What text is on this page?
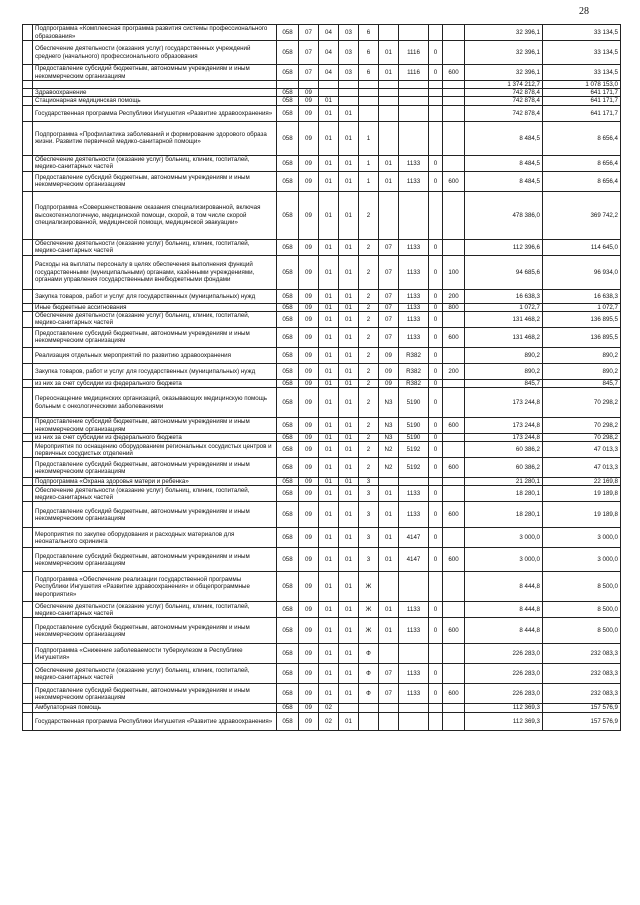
28

	Подпрограмма «Комплексная программа развития системы профессионального образования»	058	07	04	03	6					32 396,1	33 134,5

	Обеспечение деятельности (оказания услуг) государственных учреждений среднего (начального) профессионального образования	058	07	04	03	6	01	1116	0		32 396,1	33 134,5

	Предоставление субсидий бюджетным, автономным учреждениям и иным некоммерческим организациям	058	07	04	03	6	01	1116	0	600	32 396,1	33 134,5

										1 374 212,7	1 078 153,0

	Здравоохранение	058	09								742 878,4	641 171,7

	Стационарная медицинская помощь	058	09	01							742 878,4	641 171,7

	Государственная программа Республики Ингушетия «Развитие здравоохранения»	058	09	01	01						742 878,4	641 171,7

	Подпрограмма «Профилактика заболеваний и формирование здорового образа жизни. Развитие первичной медико-санитарной помощи»	058	09	01	01	1					8 484,5	8 656,4

	Обеспечение деятельности (оказание услуг) больниц, клиник, госпиталей, медико-санитарных частей	058	09	01	01	1	01	1133	0		8 484,5	8 656,4

	Предоставление субсидий бюджетным, автономным учреждениям и иным некоммерческим организациям	058	09	01	01	1	01	1133	0	600	8 484,5	8 656,4

	Подпрограмма «Совершенствование оказания специализированной, включая высокотехнологичную, медицинской помощи, скорой, в том числе скорой специализированной, медицинской помощи, медицинской эвакуации»	058	09	01	01	2					478 386,0	369 742,2

	Обеспечение деятельности (оказание услуг) больниц, клиник, госпиталей, медико-санитарных частей	058	09	01	01	2	07	1133	0		112 396,6	114 645,0

	Расходы на выплаты персоналу в целях обеспечения выполнения функций государственными (муниципальными) органами, казёнными учреждениями, органами управления государственными внебюджетными фондами	058	09	01	01	2	07	1133	0	100	94 685,6	96 934,0

	Закупка товаров, работ и услуг для государственных (муниципальных) нужд	058	09	01	01	2	07	1133	0	200	16 638,3	16 638,3

	Иные бюджетные ассигнования	058	09	01	01	2	07	1133	0	800	1 072,7	1 072,7

	Обеспечение деятельности (оказание услуг) больниц, клиник, госпиталей, медико-санитарных частей	058	09	01	01	2	07	1133	0		131 468,2	136 895,5

	Предоставление субсидий бюджетным, автономным учреждениям и иным некоммерческим организациям	058	09	01	01	2	07	1133	0	600	131 468,2	136 895,5

	Реализация отдельных мероприятий по развитию здравоохранения	058	09	01	01	2	09	R382	0		890,2	890,2

	Закупка товаров, работ и услуг для государственных (муниципальных) нужд	058	09	01	01	2	09	R382	0	200	890,2	890,2

	из них за счет субсидии из федерального бюджета	058	09	01	01	2	09	R382	0		845,7	845,7

	Переоснащение медицинских организаций, оказывающих медицинскую помощь больным с онкологическими заболеваниями	058	09	01	01	2	N3	5190	0		173 244,8	70 298,2

	Предоставление субсидий бюджетным, автономным учреждениям и иным некоммерческим организациям	058	09	01	01	2	N3	5190	0	600	173 244,8	70 298,2

	из них за счет субсидии из федерального бюджета	058	09	01	01	2	N3	5190	0		173 244,8	70 298,2

	Мероприятия по оснащению оборудованием региональных сосудистых центров и первичных сосудистых отделений	058	09	01	01	2	N2	5192	0		60 386,2	47 013,3

	Предоставление субсидий бюджетным, автономным учреждениям и иным некоммерческим организациям	058	09	01	01	2	N2	5192	0	600	60 386,2	47 013,3

	Подпрограмма «Охрана здоровья матери и ребенка»	058	09	01	01	3					21 280,1	22 169,8

	Обеспечение деятельности (оказание услуг) больниц, клиник, госпиталей, медико-санитарных частей	058	09	01	01	3	01	1133	0		18 280,1	19 189,8

	Предоставление субсидий бюджетным, автономным учреждениям и иным некоммерческим организациям	058	09	01	01	3	01	1133	0	600	18 280,1	19 189,8

	Мероприятия по закупке оборудования и расходных материалов для неонатального скрининга	058	09	01	01	3	01	4147	0		3 000,0	3 000,0

	Предоставление субсидий бюджетным, автономным учреждениям и иным некоммерческим организациям	058	09	01	01	3	01	4147	0	600	3 000,0	3 000,0

	Подпрограмма «Обеспечение реализации государственной программы Республики Ингушетия «Развитие здравоохранения» и общепрограммные мероприятия»	058	09	01	01	Ж					8 444,8	8 500,0

	Обеспечение деятельности (оказание услуг) больниц, клиник, госпиталей, медико-санитарных частей	058	09	01	01	Ж	01	1133	0		8 444,8	8 500,0

	Предоставление субсидий бюджетным, автономным учреждениям и иным некоммерческим организациям	058	09	01	01	Ж	01	1133	0	600	8 444,8	8 500,0

	Подпрограмма «Снижение заболеваемости туберкулезом в Республике Ингушетия»	058	09	01	01	Ф					226 283,0	232 083,3

	Обеспечение деятельности (оказание услуг) больниц, клиник, госпиталей, медико-санитарных частей	058	09	01	01	Ф	07	1133	0		226 283,0	232 083,3

	Предоставление субсидий бюджетным, автономным учреждениям и иным некоммерческим организациям	058	09	01	01	Ф	07	1133	0	600	226 283,0	232 083,3

	Амбулаторная помощь	058	09	02							112 369,3	157 576,9

	Государственная программа Республики Ингушетия «Развитие здравоохранения»	058	09	02	01						112 369,3	157 576,9
